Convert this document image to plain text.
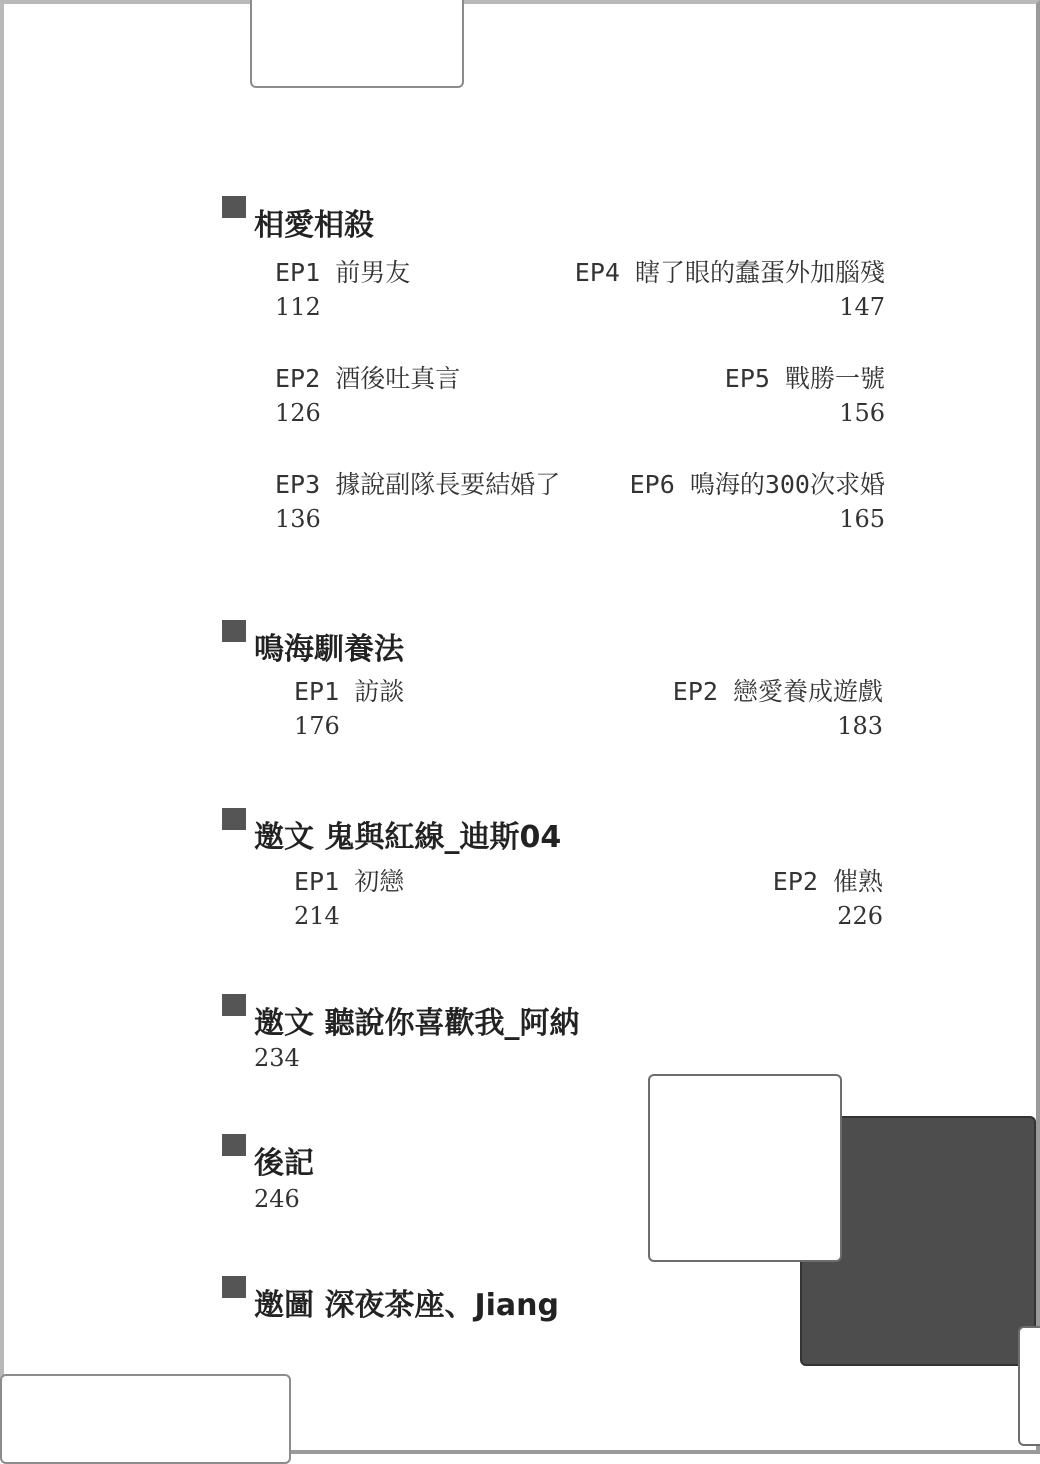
相愛相殺
EP1 前男友
112
EP4 瞎了眼的蠢蛋外加腦殘
147
EP2 酒後吐真言
126
EP5 戰勝一號
156
EP3 據說副隊長要結婚了
136
EP6 鳴海的300次求婚
165
鳴海馴養法
EP1 訪談
176
EP2 戀愛養成遊戲
183
邀文 鬼與紅線_迪斯04
EP1 初戀
214
EP2 催熟
226
邀文 聽說你喜歡我_阿納
234
後記
246
邀圖 深夜茶座、Jiang
